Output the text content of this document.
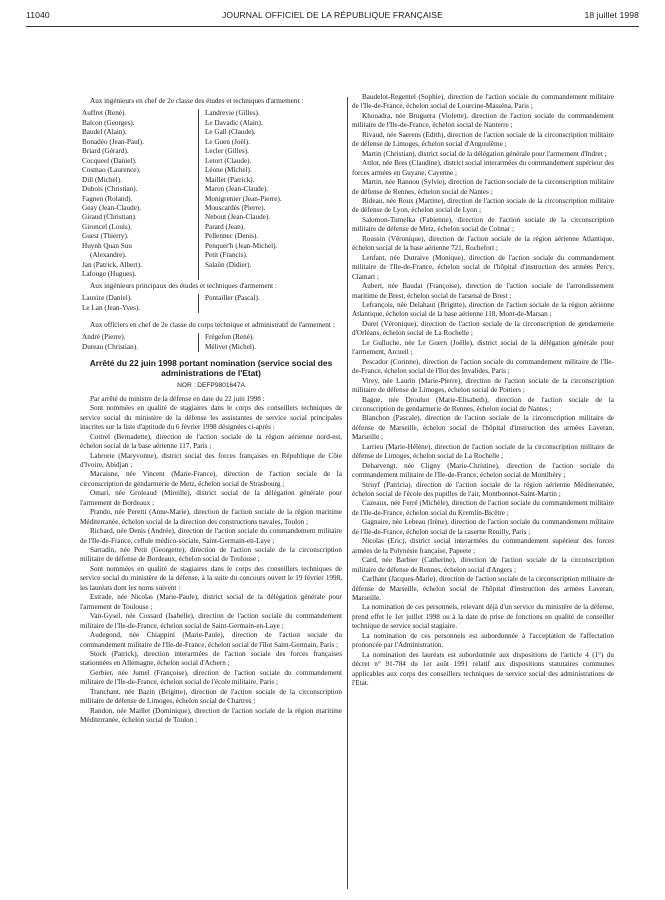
11040	JOURNAL OFFICIEL DE LA RÉPUBLIQUE FRANÇAISE	18 juillet 1998

Aux ingénieurs en chef de 2e classe des études et techniques d'armement :

Auffret (René).
Balcon (Georges).
Baudel (Alain).
Bonadéo (Jean-Paul).
Briard (Gérard).
Cocqueel (Daniel).
Cosmao (Laurence).
Dill (Michel).
Dubois (Christian).
Fagnen (Roland).
Geay (Jean-Claude).
Giraud (Christian).
Gironcel (Louis).
Guest (Thierry).
Huynh Quan Suu
(Alexandre).
Jan (Patrick, Albert).
Lafouge (Hugues).
Landrevie (Gilles).
Le Davadic (Alain).
Le Gall (Claude).
Le Guen (Joël).
Lecler (Gilles).
Letort (Claude).
Léone (Michel).
Maillet (Patrick).
Maron (Jean-Claude).
Monigrenier (Jean-Pierre).
Mouscardès (Pierre).
Nebout (Jean-Claude).
Parard (Jean).
Pellennec (Denis).
Penquer'h (Jean-Michel).
Petit (Francis).
Salaün (Didier).

Aux ingénieurs principaux des études et techniques d'armement :

Lauxire (Daniel).
Le Lan (Jean-Yves).
Pontailler (Pascal).

Aux officiers en chef de 2e classe du corps technique et administratif de l'armement :

André (Pierre).
Dureau (Christian).
Frégefon (René).
Mélivet (Michel).
Arrêté du 22 juin 1998 portant nomination (service social des administrations de l'Etat)
NOR : DEFP9801647A

Par arrêté du ministre de la défense en date du 22 juin 1998 :

Sont nommées en qualité de stagiaires dans le corps des conseillers techniques de service social du ministère de la défense les assistantes de service social principales inscrites sur la liste d'aptitude du 6 février 1998 désignées ci-après :

Cottrel (Bernadette), direction de l'action sociale de la région aérienne nord-est, échelon social de la base aérienne 117, Paris ;

Labrorie (Maryvonne), district social des forces françaises en République de Côte d'Ivoire, Abidjan ;

Macaisne, née Vincent (Marie-France), direction de l'action sociale de la circonscription de gendarmerie de Metz, échelon social de Strasbourg ;

Omari, née Groleaud (Mireille), district social de la délégation générale pour l'armement de Bordeaux ;

Prando, née Peretti (Anne-Marie), direction de l'action sociale de la région maritime Méditerranée, échelon social de la direction des constructions navales, Toulon ;

Richard, née Denis (Andrée), direction de l'action sociale du commandement militaire de l'Ile-de-France, cellule médico-sociale, Saint-Germain-en-Laye ;

Sarradin, née Petit (Georgette), direction de l'action sociale de la circonscription militaire de défense de Bordeaux, échelon social de Toulouse ;

Sont nommées en qualité de stagiaires dans le corps des conseillers techniques de service social du ministère de la défense, à la suite du concours ouvert le 19 février 1998, les lauréats dont les noms suivent :

Estrade, née Nicolas (Marie-Paule), district social de la délégation générale pour l'armement de Toulouse ;

Van-Gysel, née Cossard (Isabelle), direction de l'action sociale du commandement militaire de l'Ile-de-France, échelon social de Saint-Germain-en-Laye ;

Audegond, née Chiappini (Marie-Paule), direction de l'action sociale du commandement militaire de l'Ile-de-France, échelon social de l'îlot Saint-Germain, Paris ;

Stock (Patrick), direction interarmées de l'action sociale des forces françaises stationnées en Allemagne, échelon social d'Achern ;

Gerbier, née Jumel (Françoise), direction de l'action sociale du commandement militaire de l'Ile-de-France, échelon social de l'école militaire, Paris ;

Tranchant, née Bazin (Brigitte), direction de l'action sociale de la circonscription militaire de défense de Limoges, échelon social de Chartres ;

Randon, née Maillet (Dominique), direction de l'action sociale de la région maritime Méditerranée, échelon social de Toulon ;

Baudelot-Regentel (Sophie), direction de l'action sociale du commandement militaire de l'Ile-de-France, échelon social de Lourcine-Masséna, Paris ;

Khouadra, née Bruguera (Violette), direction de l'action sociale du commandement militaire de l'Ile-de-France, échelon social de Nanterre ;

Rivaud, née Saerens (Edith), direction de l'action sociale de la circonscription militaire de défense de Limoges, échelon social d'Angoulême ;

Martin (Christian), district social de la délégation générale pour l'armement d'Indret ;

Attlot, née Bres (Claudine), district social interarmées du commandement supérieur des forces armées en Guyane, Cayenne ;

Martin, née Rannou (Sylvie), direction de l'action sociale de la circonscription militaire de défense de Rennes, échelon social de Nantes ;

Bideau, née Roux (Martine), direction de l'action sociale de la circonscription militaire de défense de Lyon, échelon social de Lyon ;

Salomon-Tumelka (Fabienne), direction de l'action sociale de la circonscription militaire de défense de Metz, échelon social de Colmar ;

Roussin (Véronique), direction de l'action sociale de la région aérienne Atlantique, échelon social de la base aérienne 721, Rochefort ;

Lenfant, née Dutraive (Monique), direction de l'action sociale du commandement militaire de l'Ile-de-France, échelon social de l'hôpital d'instruction des armées Percy, Clamart ;

Aubert, née Baudat (Françoise), direction de l'action sociale de l'arrondissement maritime de Brest, échelon social de l'arsenal de Brest ;

Lefrançois, née Delahaut (Brigitte), direction de l'action sociale de la région aérienne Atlantique, échelon social de la base aérienne 118, Mont-de-Marsan ;

Duret (Véronique), direction de l'action sociale de la circonscription de gendarmerie d'Orléans, échelon social de La Rochelle ;

Le Gulluche, née Le Guern (Joëlle), district social de la délégation générale pour l'armement, Arcueil ;

Pescador (Corinne), direction de l'action sociale du commandement militaire de l'Ile-de-France, échelon social de l'îlot des Invalides, Paris ;

Virey, née Laurin (Marie-Pierre), direction de l'action sociale de la circonscription militaire de défense de Limoges, échelon social de Poitiers ;

Bague, née Drouhot (Marie-Elisabeth), direction de l'action sociale de la circonscription de gendarmerie de Rennes, échelon social de Nantes ;

Blanchon (Pascale), direction de l'action sociale de la circonscription militaire de défense de Marseille, échelon social de l'hôpital d'instruction des armées Laveran, Marseille ;

Larrieu (Marie-Hélène), direction de l'action sociale de la circonscription militaire de défense de Limoges, échelon social de La Rochelle ;

Deharvengt, née Cligny (Marie-Christine), direction de l'action sociale du commandement militaire de l'Ile-de-France, échelon social de Montlhéry ;

Struyf (Patricia), direction de l'action sociale de la région aérienne Méditerranée, échelon social de l'école des pupilles de l'air, Montbonnot-Saint-Martin ;

Cazeaux, née Ferré (Michèle), direction de l'action sociale du commandement militaire de l'Ile-de-France, échelon social du Kremlin-Bicêtre ;

Gagnaire, née Lebeau (Irène), direction de l'action sociale du commandement militaire de l'Ile-de-France, échelon social de la caserne Reuilly, Paris ;

Nicolas (Eric), district social interarmées du commandement supérieur des forces armées de la Polynésie française, Papeete ;

Card, née Barbier (Catherine), direction de l'action sociale de la circonscription militaire de défense de Rennes, échelon social d'Angers ;

Carlhant (Jacques-Marie), direction de l'action sociale de la circonscription militaire de défense de Marseille, échelon social de l'hôpital d'instruction des armées Laveran, Marseille.

La nomination de ces personnels, relevant déjà d'un service du ministère de la défense, prend effet le 1er juillet 1998 ou à la date de prise de fonctions en qualité de conseiller technique de service social stagiaire.

La nomination de ces personnels est subordonnée à l'acceptation de l'affectation prononcée par l'Administration.

La nomination des lauréats est subordonnée aux dispositions de l'article 4 (1°) du décret n° 91-784 du 1er août 1991 relatif aux dispositions statutaires communes applicables aux corps des conseillers techniques de service social des administrations de l'Etat.
